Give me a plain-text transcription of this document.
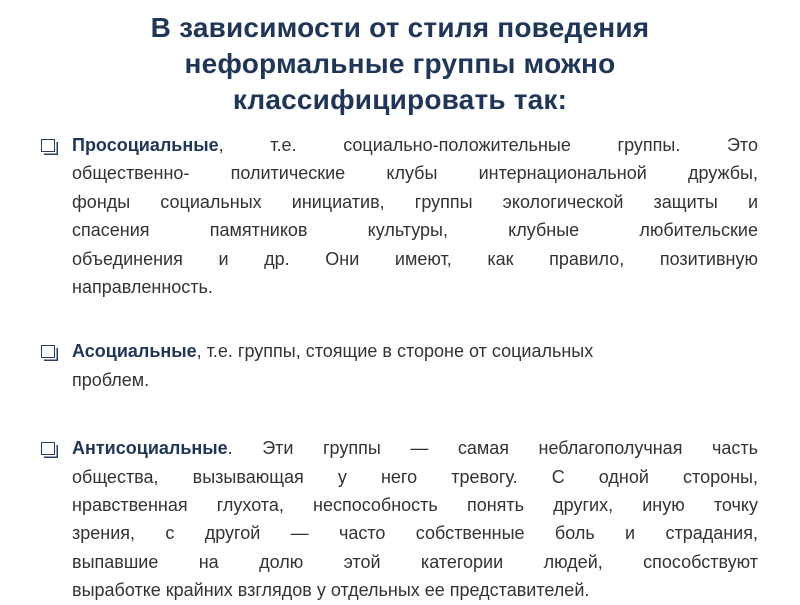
В зависимости от стиля поведения
неформальные группы можно
классифицировать так:
Просоциальные, т.е. социально-положительные группы. Это
общественно- политические клубы интернациональной дружбы,
фонды социальных инициатив, группы экологической защиты и
спасения памятников культуры, клубные любительские
объединения и др. Они имеют, как правило, позитивную
направленность.
Асоциальные, т.е. группы, стоящие в стороне от социальных
проблем.
Антисоциальные. Эти группы — самая неблагополучная часть
общества, вызывающая у него тревогу. С одной стороны,
нравственная глухота, неспособность понять других, иную точку
зрения, с другой — часто собственные боль и страдания,
выпавшие на долю этой категории людей, способствуют
выработке крайних взглядов у отдельных ее представителей.
